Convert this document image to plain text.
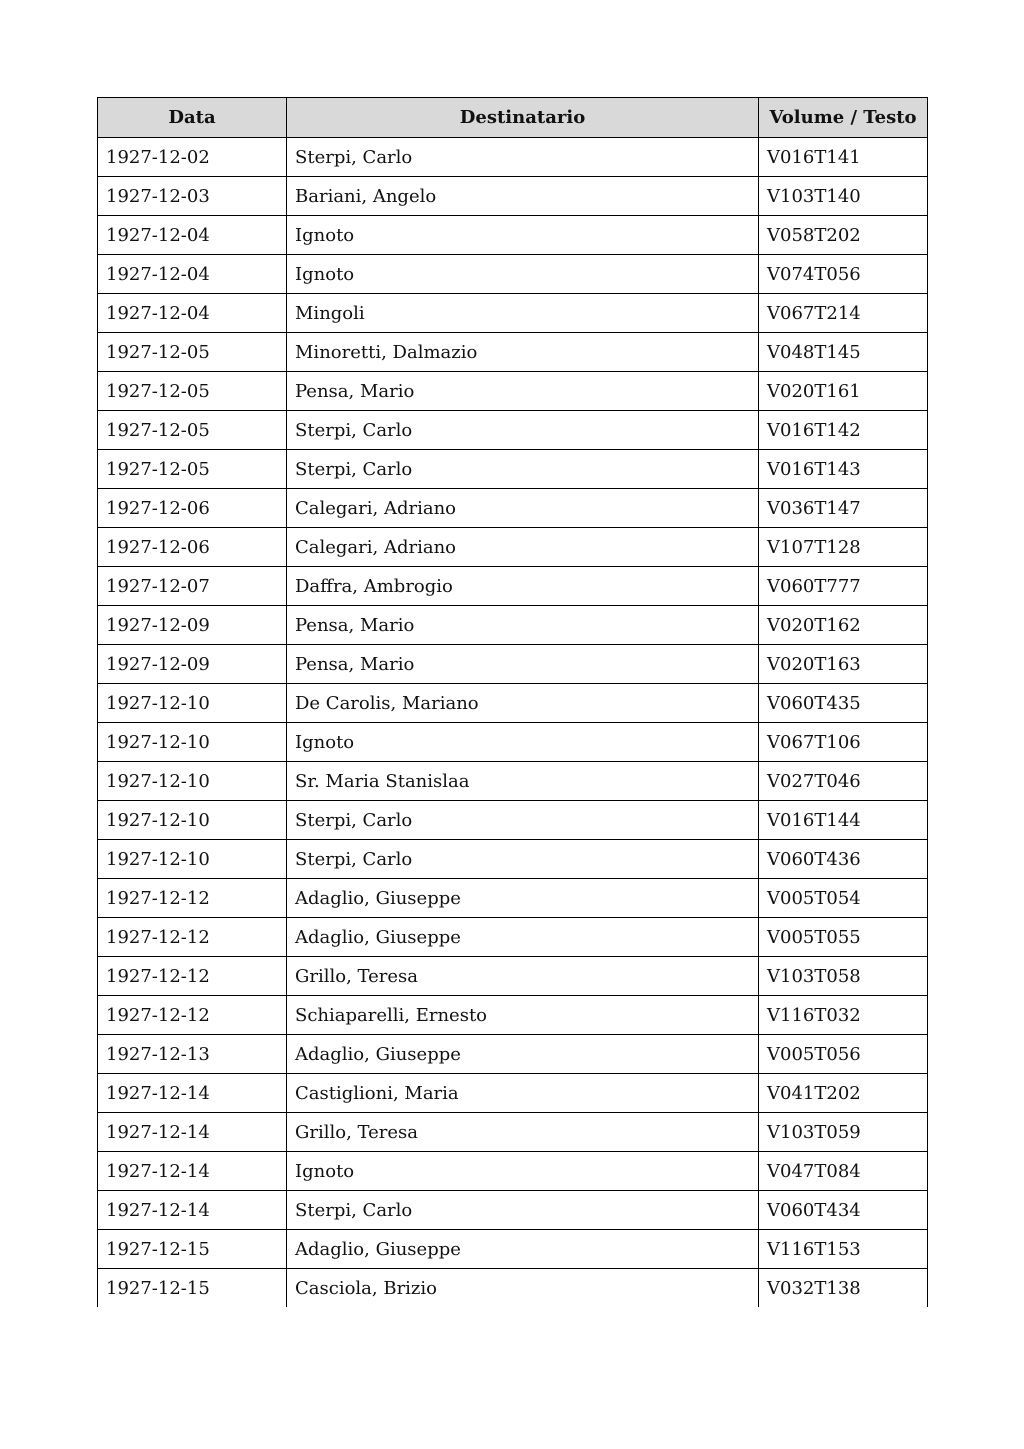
Data	Destinatario	Volume / Testo
1927-12-02	Sterpi, Carlo	V016T141
1927-12-03	Bariani, Angelo	V103T140
1927-12-04	Ignoto	V058T202
1927-12-04	Ignoto	V074T056
1927-12-04	Mingoli	V067T214
1927-12-05	Minoretti, Dalmazio	V048T145
1927-12-05	Pensa, Mario	V020T161
1927-12-05	Sterpi, Carlo	V016T142
1927-12-05	Sterpi, Carlo	V016T143
1927-12-06	Calegari, Adriano	V036T147
1927-12-06	Calegari, Adriano	V107T128
1927-12-07	Daffra, Ambrogio	V060T777
1927-12-09	Pensa, Mario	V020T162
1927-12-09	Pensa, Mario	V020T163
1927-12-10	De Carolis, Mariano	V060T435
1927-12-10	Ignoto	V067T106
1927-12-10	Sr. Maria Stanislaa	V027T046
1927-12-10	Sterpi, Carlo	V016T144
1927-12-10	Sterpi, Carlo	V060T436
1927-12-12	Adaglio, Giuseppe	V005T054
1927-12-12	Adaglio, Giuseppe	V005T055
1927-12-12	Grillo, Teresa	V103T058
1927-12-12	Schiaparelli, Ernesto	V116T032
1927-12-13	Adaglio, Giuseppe	V005T056
1927-12-14	Castiglioni, Maria	V041T202
1927-12-14	Grillo, Teresa	V103T059
1927-12-14	Ignoto	V047T084
1927-12-14	Sterpi, Carlo	V060T434
1927-12-15	Adaglio, Giuseppe	V116T153
1927-12-15	Casciola, Brizio	V032T138
